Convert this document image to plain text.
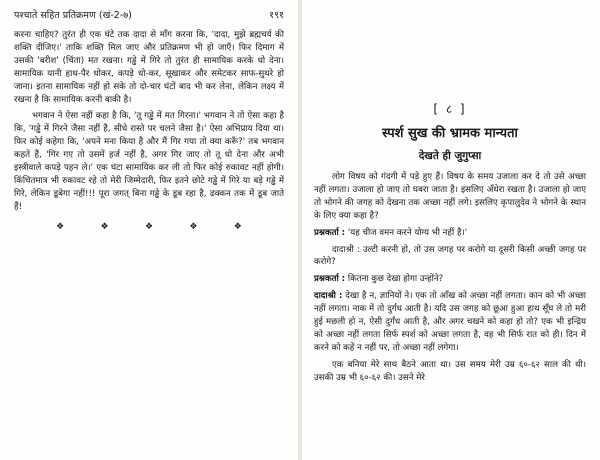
पश्चाते सहित प्रतिक्रमण (खं-2-७)	१९१

करना चाहिए? तुरंत ही एक घंटे तक दादा से माँग करना कि, 'दादा, मुझे ब्रह्मचर्य की शक्ति दीजिए।' ताकि शक्ति मिल जाए और प्रतिक्रमण भी हो जाएँ। फिर दिमाग में उसकी 'बरीश' (चिंता) मत रखना। गड्ढे में गिरे तो तुरंत ही सामायिक करके धो देना। सामायिक यानी हाथ-पैर धोकर, कपड़े धो-कर, सूखाकर और समेटकर साफ-सुथरे हो जाना। इतना सामायिक नहीं हो सके तो दो-चार घंटों बाद भी कर लेना, लेकिन लक्ष्य में रखना है कि सामायिक करनी बाकी है।

भगवान ने ऐसा नहीं कहा है कि, 'तू गड्ढे में मत गिरना।' भगवान ने तो ऐसा कहा है कि, 'गड्ढे में गिरने जैसा नहीं है, सीधे रास्ते पर चलने जैसा है।' ऐसा अभिप्राय दिया था। फिर कोई कहेगा कि, 'अपने मना किया है और मैं गिर गया तो क्या करूँ?' तब भगवान कहते हैं, 'गिर गए तो उसमें हर्ज नहीं है, अगर गिर जाए तो तू धो देना और अभी इस्त्रीवाले कपड़े पहन ले।' एक घंटा सामायिक कर ली तो फिर कोई रुकावट नहीं होगी। किंचितमात्र भी रुकावट रहे तो मेरी जिम्मेदारी, फिर इतने छोटे गड्ढे में गिरे या बड़े गड्ढे में गिरे, लेकिन डूबेगा नहीं!!! पूरा जगत् बिना गड्ढे के डूब रहा है, ढक्कन तक में डूब जाते हैं!

❖	❖	❖	❖	❖
[ ८ ]
स्पर्श सुख की भ्रामक मान्यता
देखते ही जुगुप्सा

लोग विषय को गंदगी में पड़े हुए हैं। विषय के समय उजाला कर दे तो उसे अच्छा नहीं लगता। उजाला हो जाए तो घबरा जाता है। इसलिए अँधेरा रखता है। उजाला हो जाए तो भोगने की जगह को देखना तक अच्छा नहीं लगे। इसलिए कृपालुदेव ने भोगने के स्थान के लिए क्या कहा है?

प्रश्नकर्ता : 'यह चीज वमन करने योग्य भी नहीं है।'

दादाश्री : उल्टी करनी हो, तो उस जगह पर करोगे या दूसरी किसी अच्छी जगह पर करोगे?

प्रश्नकर्ता : कितना कुछ देखा होगा उन्होंने?

दादाश्री : देखा है न, ज्ञानियों ने। एक तो आँख को अच्छा नहीं लगता। कान को भी अच्छा नहीं लगता। नाक में तो दुर्गंध आती है। यदि उस जगह को छूआ हुआ हाथ सूँघ ले तो मरी हुई मछली हो न, ऐसी दुर्गंध आती है, और अगर चखने को कहा हो तो? एक भी इन्द्रिय को अच्छा नहीं लगता सिर्फ स्पर्श को अच्छा लगता है, वह भी सिर्फ रात को ही। दिन में करने को कहें न नहीं पर, तो अच्छा नहीं लगेगा।

एक बनिया मेरे साथ बैठने आता था। उस समय मेरी उम्र ६०-६२ साल की थी। उसकी उम्र भी ६०-६२ की। उसने मेरे
